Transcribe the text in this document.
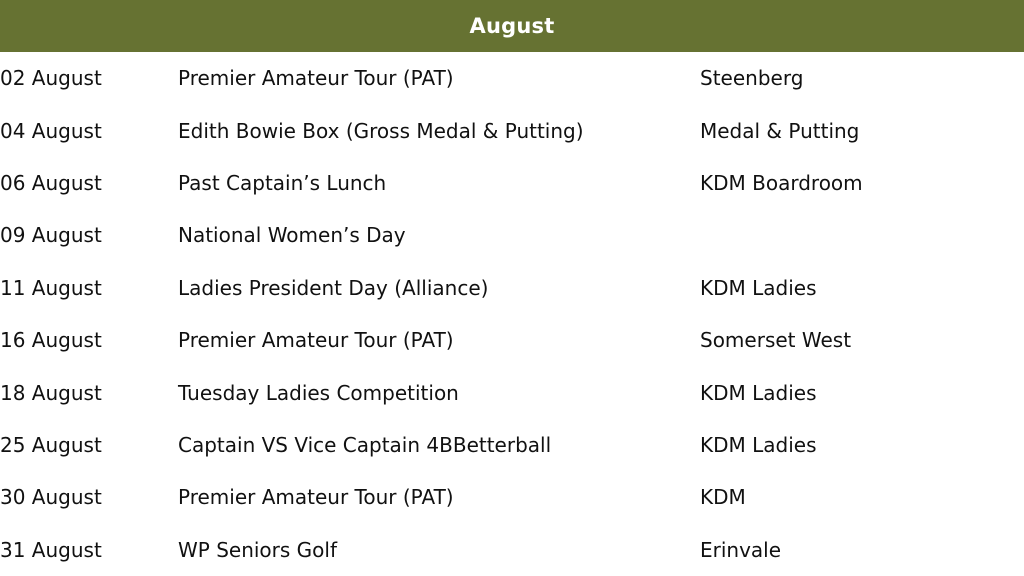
August
02 August	Premier Amateur Tour (PAT)	Steenberg
04 August	Edith Bowie Box (Gross Medal & Putting)	Medal & Putting
06 August	Past Captain’s Lunch	KDM Boardroom
09 August	National Women’s Day
11 August	Ladies President Day (Alliance)	KDM Ladies
16 August	Premier Amateur Tour (PAT)	Somerset West
18 August	Tuesday Ladies Competition	KDM Ladies
25 August	Captain VS Vice Captain 4BBetterball	KDM Ladies
30 August	Premier Amateur Tour (PAT)	KDM
31 August	WP Seniors Golf	Erinvale
